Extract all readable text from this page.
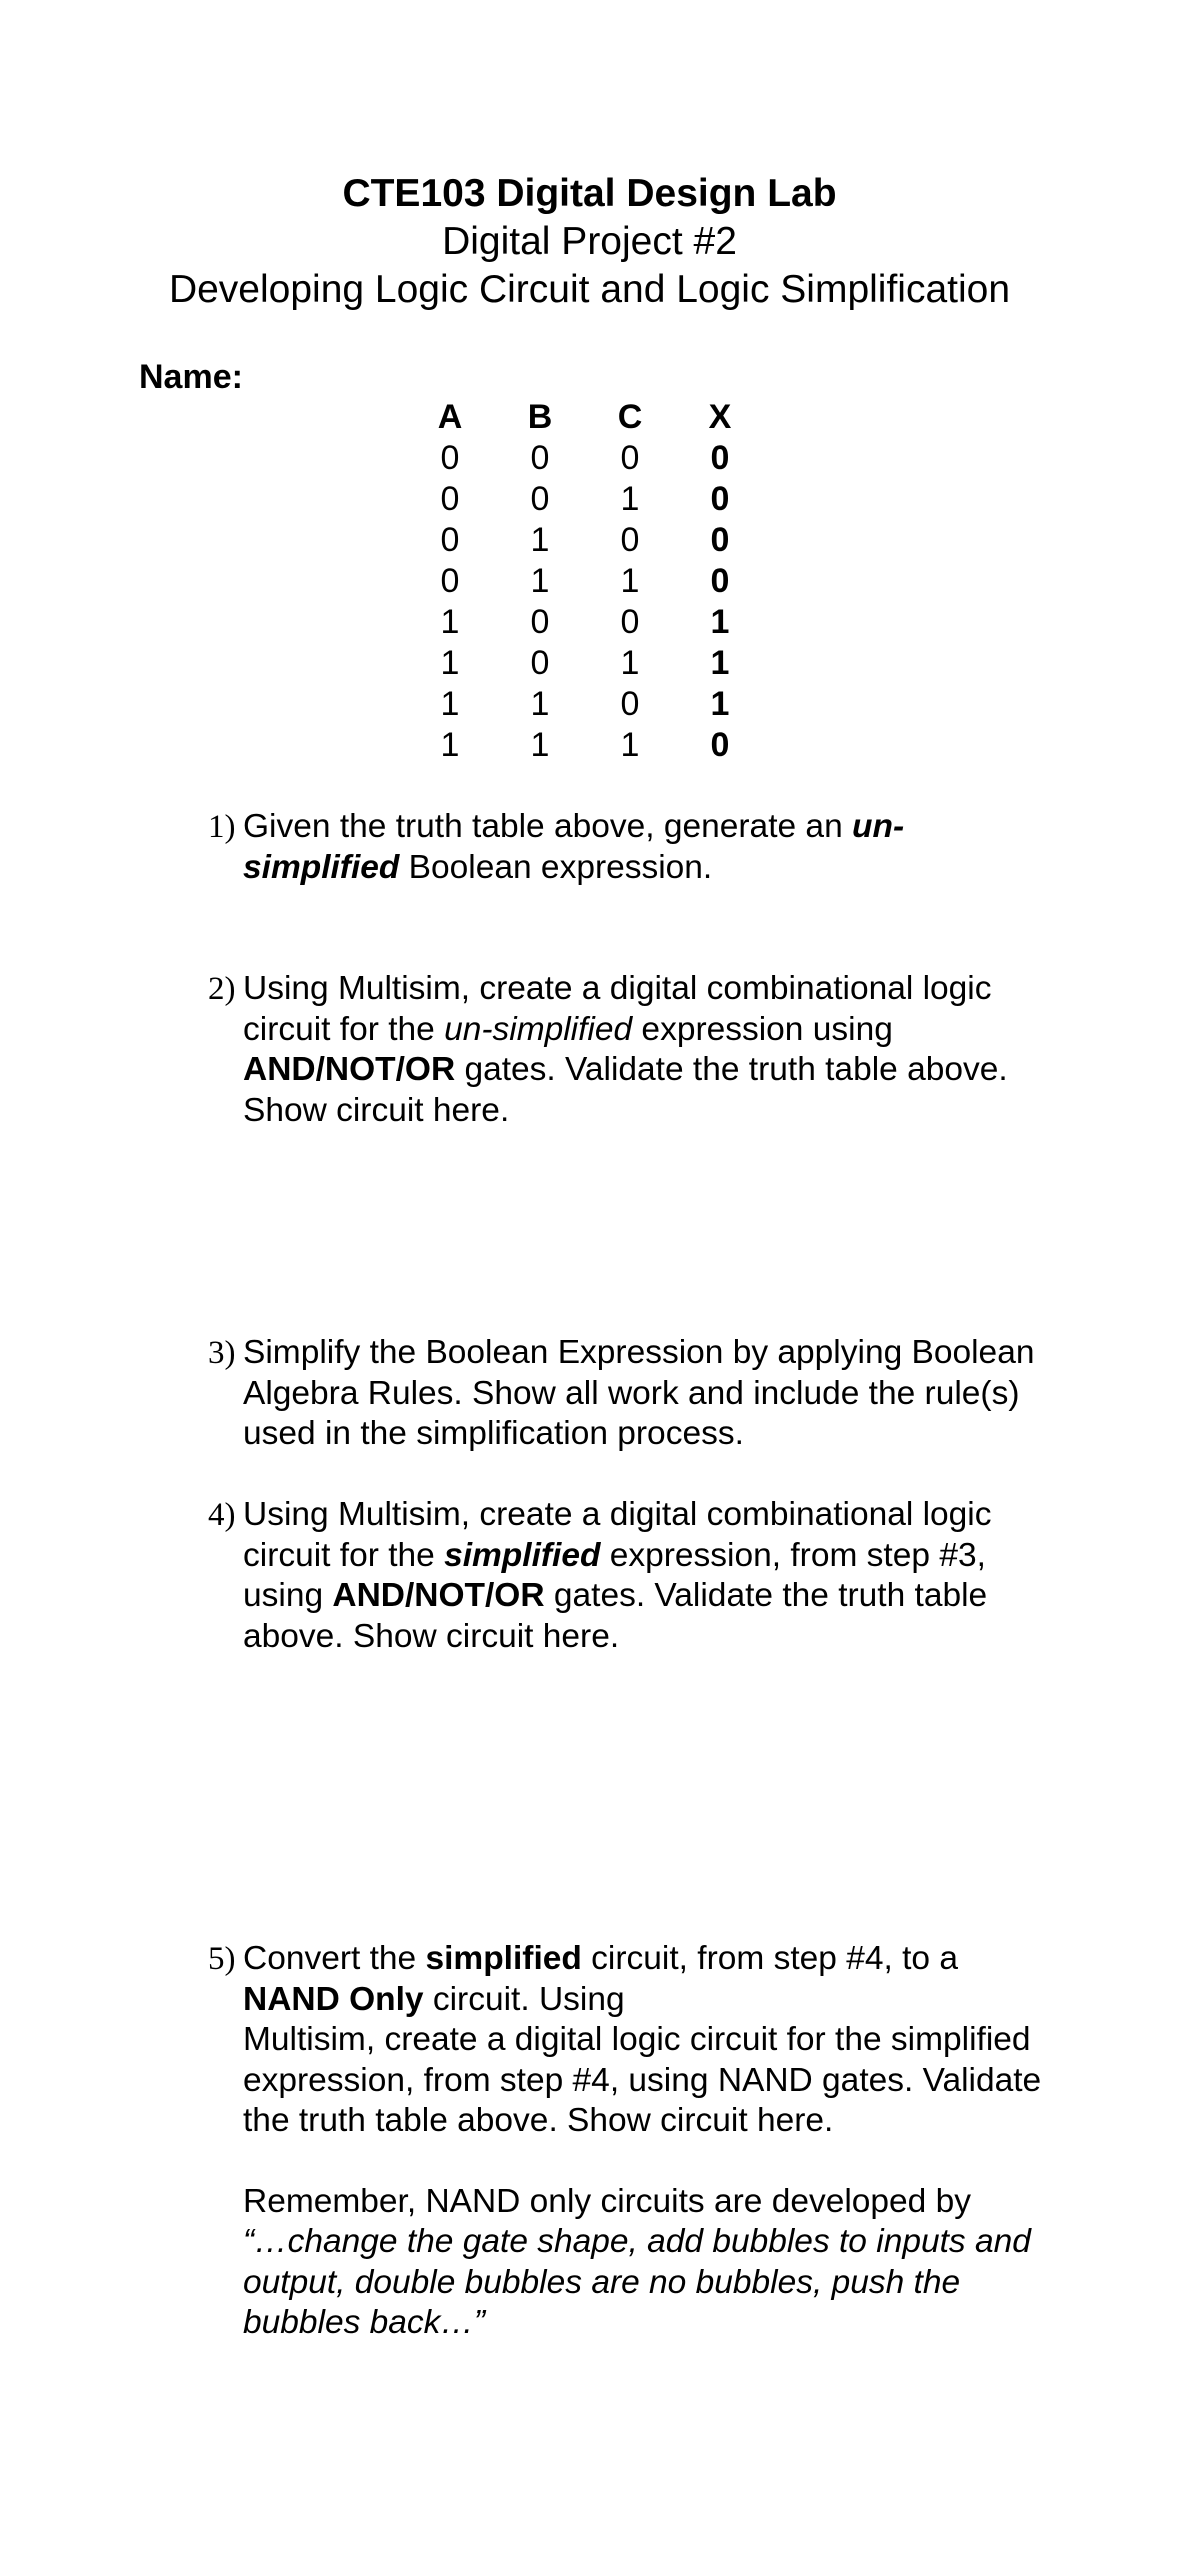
CTE103 Digital Design Lab
Digital Project #2
Developing Logic Circuit and Logic Simplification
Name:
A	B	C	X
0	0	0	0
0	0	1	0
0	1	0	0
0	1	1	0
1	0	0	1
1	0	1	1
1	1	0	1
1	1	1	0
1) Given the truth table above, generate an un-simplified Boolean expression.
2) Using Multisim, create a digital combinational logic circuit for the un-simplified expression using AND/NOT/OR gates. Validate the truth table above. Show circuit here.
3) Simplify the Boolean Expression by applying Boolean Algebra Rules. Show all work and include the rule(s) used in the simplification process.
4) Using Multisim, create a digital combinational logic circuit for the simplified expression, from step #3, using AND/NOT/OR gates. Validate the truth table above. Show circuit here.
5) Convert the simplified circuit, from step #4, to a
NAND Only circuit. Using
Multisim, create a digital logic circuit for the simplified expression, from step #4, using NAND gates. Validate the truth table above. Show circuit here.
Remember, NAND only circuits are developed by
“…change the gate shape, add bubbles to inputs and output, double bubbles are no bubbles, push the bubbles back…”
